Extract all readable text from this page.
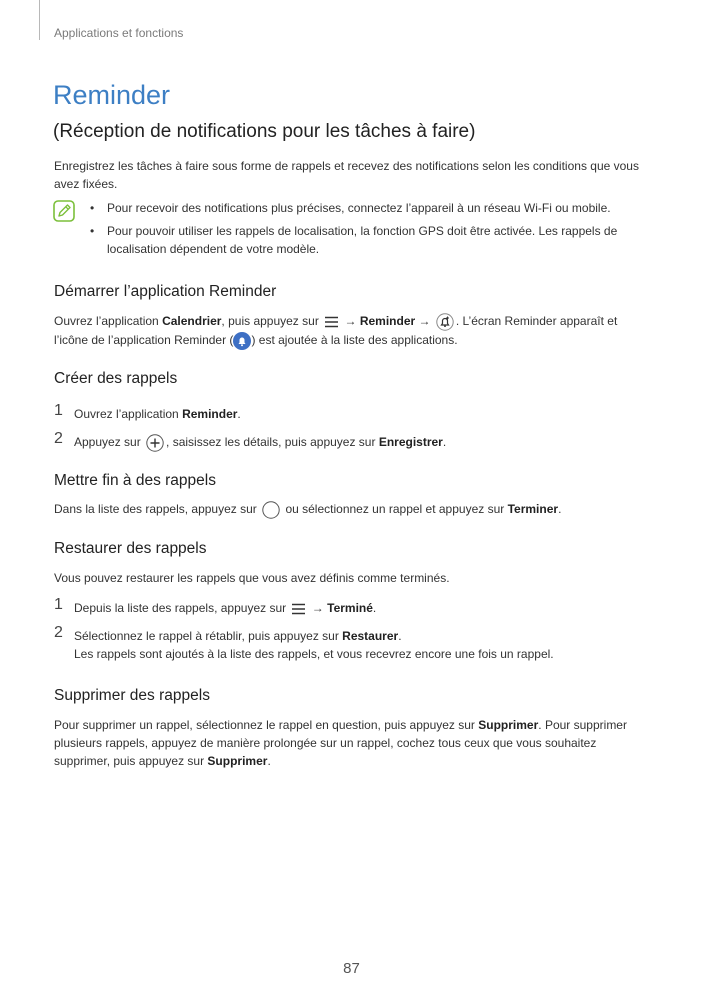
Applications et fonctions
Reminder
(Réception de notifications pour les tâches à faire)

Enregistrez les tâches à faire sous forme de rappels et recevez des notifications selon les conditions que vous avez fixées.

• Pour recevoir des notifications plus précises, connectez l’appareil à un réseau Wi-Fi ou mobile.
• Pour pouvoir utiliser les rappels de localisation, la fonction GPS doit être activée. Les rappels de localisation dépendent de votre modèle.
Démarrer l’application Reminder

Ouvrez l’application Calendrier, puis appuyez sur  → Reminder → . L’écran Reminder apparaît et
l’icône de l’application Reminder ( ) est ajoutée à la liste des applications.

Créer des rappels
1 Ouvrez l’application Reminder.
2 Appuyez sur , saisissez les détails, puis appuyez sur Enregistrer.
Mettre fin à des rappels

Dans la liste des rappels, appuyez sur  ou sélectionnez un rappel et appuyez sur Terminer.

Restaurer des rappels

Vous pouvez restaurer les rappels que vous avez définis comme terminés.

1 Depuis la liste des rappels, appuyez sur  → Terminé.
2 Sélectionnez le rappel à rétablir, puis appuyez sur Restaurer.
Les rappels sont ajoutés à la liste des rappels, et vous recevrez encore une fois un rappel.
Supprimer des rappels

Pour supprimer un rappel, sélectionnez le rappel en question, puis appuyez sur Supprimer. Pour supprimer plusieurs rappels, appuyez de manière prolongée sur un rappel, cochez tous ceux que vous souhaitez supprimer, puis appuyez sur Supprimer.

87
